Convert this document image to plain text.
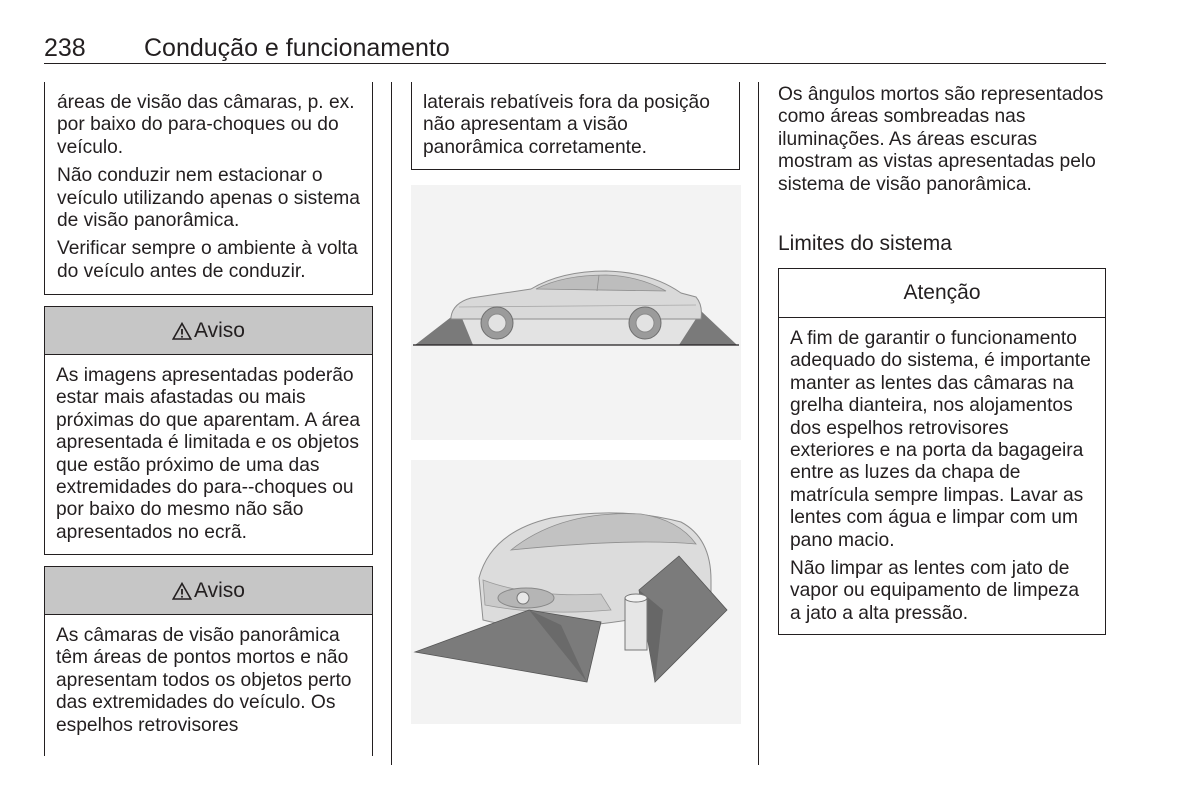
238 Condução e funcionamento

áreas de visão das câmaras, p. ex. por baixo do para-choques ou do veículo.

Não conduzir nem estacionar o veículo utilizando apenas o sistema de visão panorâmica.

Verificar sempre o ambiente à volta do veículo antes de conduzir.

Aviso
As imagens apresentadas poderão estar mais afastadas ou mais próximas do que aparentam. A área apresentada é limitada e os objetos que estão próximo de uma das extremidades do para--choques ou por baixo do mesmo não são apresentados no ecrã.
Aviso
As câmaras de visão panorâmica têm áreas de pontos mortos e não apresentam todos os objetos perto das extremidades do veículo. Os espelhos retrovisores
laterais rebatíveis fora da posição não apresentam a visão panorâmica corretamente.
Os ângulos mortos são representados como áreas sombreadas nas iluminações. As áreas escuras mostram as vistas apresentadas pelo sistema de visão panorâmica.
Limites do sistema
Atenção

A fim de garantir o funcionamento adequado do sistema, é importante manter as lentes das câmaras na grelha dianteira, nos alojamentos dos espelhos retrovisores exteriores e na porta da bagageira entre as luzes da chapa de matrícula sempre limpas. Lavar as lentes com água e limpar com um pano macio.

Não limpar as lentes com jato de vapor ou equipamento de limpeza a jato a alta pressão.
